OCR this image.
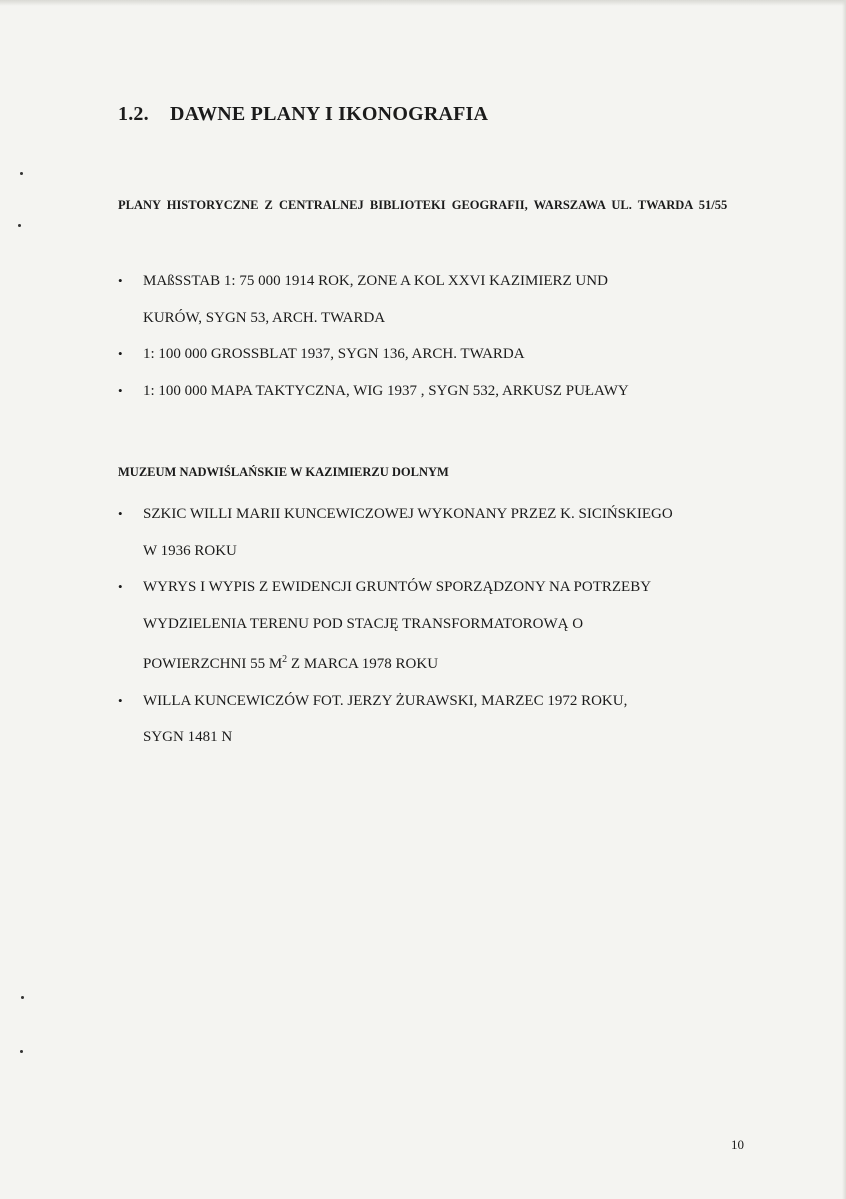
1.2. DAWNE PLANY I IKONOGRAFIA
PLANY HISTORYCZNE Z CENTRALNEJ BIBLIOTEKI GEOGRAFII, WARSZAWA UL. TWARDA 51/55
• MAßSSTAB 1: 75 000 1914 ROK, ZONE A KOL XXVI KAZIMIERZ UND
KURÓW, SYGN 53, ARCH. TWARDA
• 1: 100 000 GROSSBLAT 1937, SYGN 136, ARCH. TWARDA
• 1: 100 000 MAPA TAKTYCZNA, WIG 1937 , SYGN 532, ARKUSZ PUŁAWY
MUZEUM NADWIŚLAŃSKIE W KAZIMIERZU DOLNYM
• SZKIC WILLI MARII KUNCEWICZOWEJ WYKONANY PRZEZ K. SICIŃSKIEGO
W 1936 ROKU
• WYRYS I WYPIS Z EWIDENCJI GRUNTÓW SPORZĄDZONY NA POTRZEBY
WYDZIELENIA TERENU POD STACJĘ TRANSFORMATOROWĄ O
POWIERZCHNI 55 $M^2$ Z MARCA 1978 ROKU
• WILLA KUNCEWICZÓW FOT. JERZY ŻURAWSKI, MARZEC 1972 ROKU,
SYGN 1481 N
10
